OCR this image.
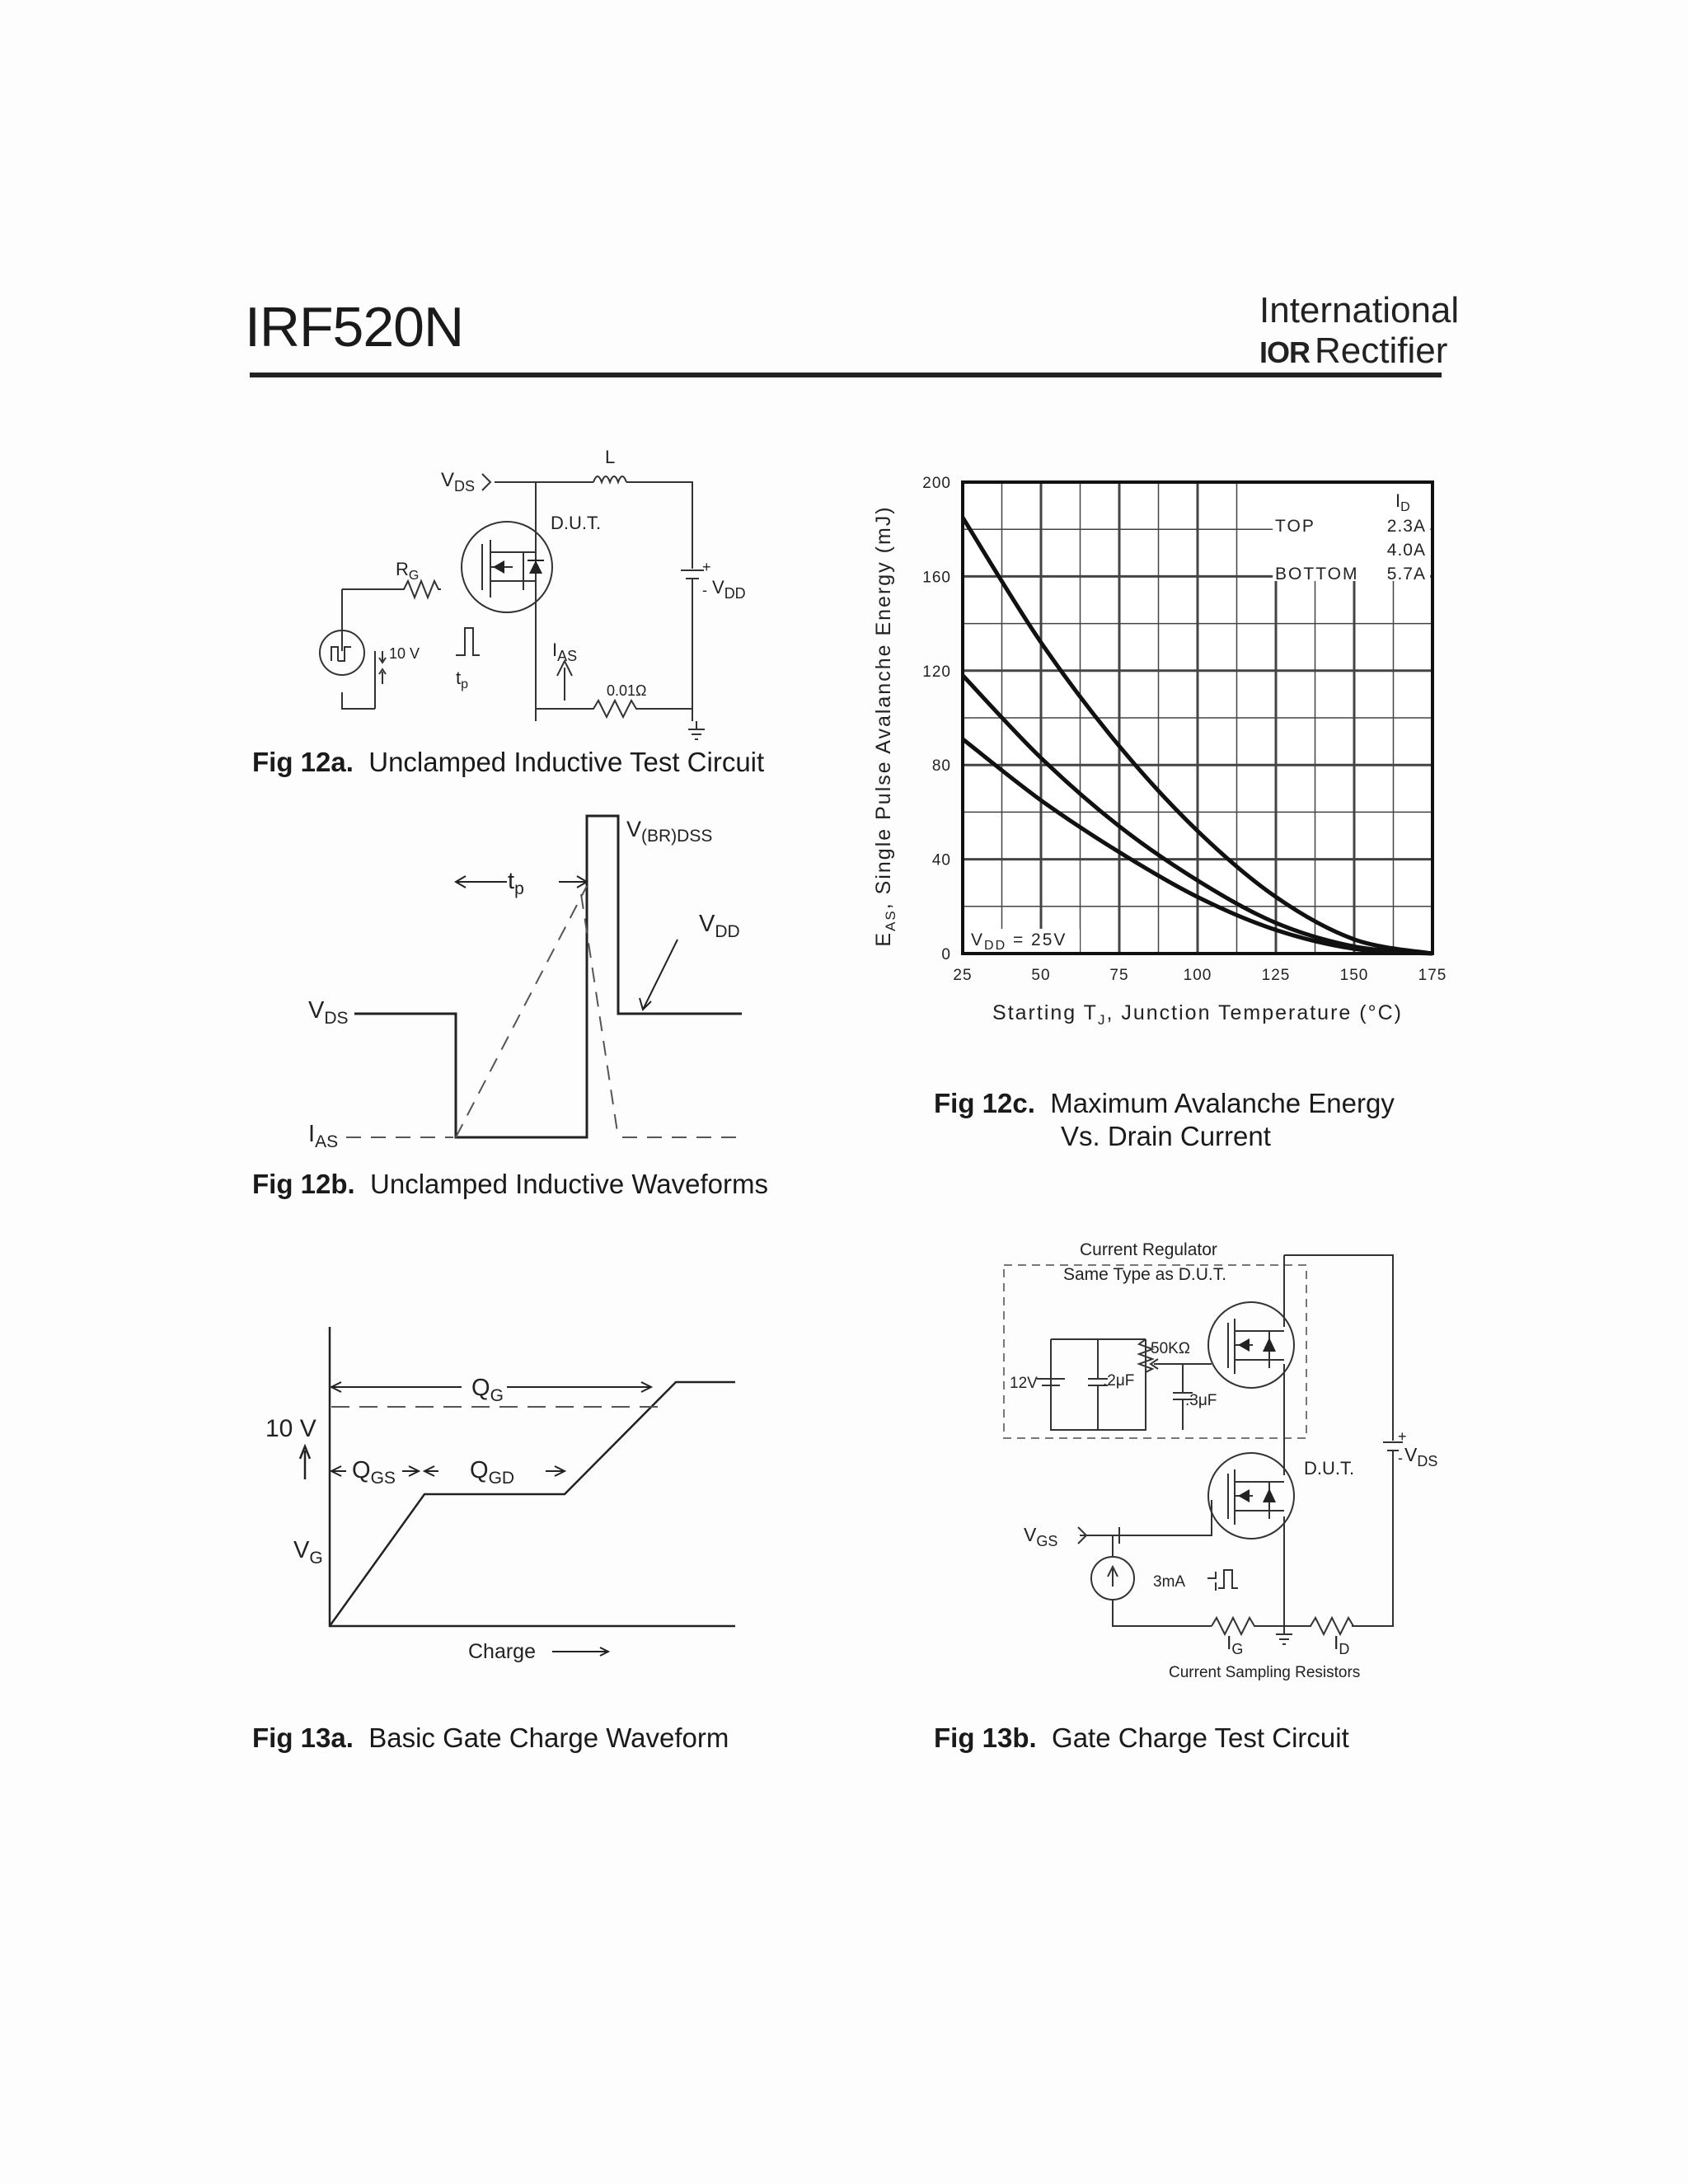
IRF520N	International
IOR Rectifier
$V_{DS}$
L
D.U.T.
$R_G$
+
- $V_{DD}$
10 V	$I_{AS}$
$t_p$	0.01Ω
Fig 12a. Unclamped Inductive Test Circuit
$V_{(BR)DSS}$
$t_p$
$V_{DD}$
$V_{DS}$
$I_{AS}$
Fig 12b. Unclamped Inductive Waveforms
25	50	75	100	125	150	175
0
40
80
120
160
200
$I_D$
TOP	2.3A
4.0A
BOTTOM 5.7A
$V_{DD} = 25V$
Starting $T_J$, Junction Temperature (°C)
$E_{AS}$, Single Pulse Avalanche Energy (mJ)
Fig 12c. Maximum Avalanche Energy
Vs. Drain Current
$Q_G$
$Q_{GS}$	$Q_{GD}$
10 V
$V_G$
Charge
Fig 13a. Basic Gate Charge Waveform
Current Regulator
Same Type as D.U.T.
50KΩ
12V	.2μF
.3μF
D.U.T.
+
- $V_{DS}$
$V_{GS}$
3mA
$I_G$	$I_D$
Current Sampling Resistors
Fig 13b. Gate Charge Test Circuit
